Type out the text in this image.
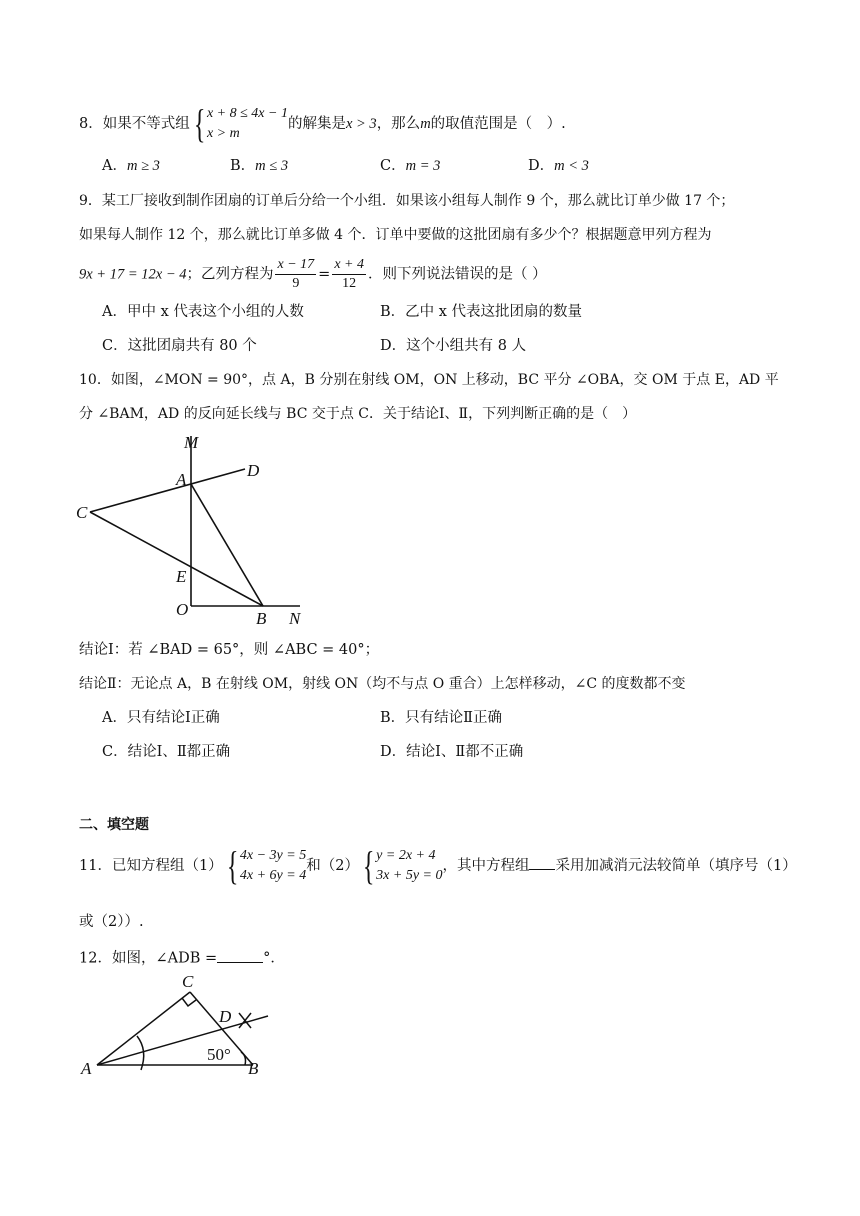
8．如果不等式组 { x + 8 ≤ 4x − 1
x > m
的解集是x > 3，那么m的取值范围是（　）.
A．m ≥ 3	B．m ≤ 3	C．m = 3	D．m < 3
9．某工厂接收到制作团扇的订单后分给一个小组．如果该小组每人制作 9 个，那么就比订单少做 17 个；
如果每人制作 12 个，那么就比订单多做 4 个．订单中要做的这批团扇有多少个？根据题意甲列方程为
9x + 17 = 12x − 4；乙列方程为 $\frac{x - 17}{9} = \frac{x + 4}{12}$ ．则下列说法错误的是（ ）
A．甲中 x 代表这个小组的人数	B．乙中 x 代表这批团扇的数量
C．这批团扇共有 80 个	D．这个小组共有 8 人
10．如图，∠MON = 90°，点 A，B 分别在射线 OM，ON 上移动，BC 平分 ∠OBA，交 OM 于点 E，AD 平
分 ∠BAM，AD 的反向延长线与 BC 交于点 C．关于结论Ⅰ、Ⅱ，下列判断正确的是（　）
M
D
A
C
E
O	B N
结论Ⅰ：若 ∠BAD = 65°，则 ∠ABC = 40°；
结论Ⅱ：无论点 A，B 在射线 OM，射线 ON（均不与点 O 重合）上怎样移动，∠C 的度数都不变
A．只有结论Ⅰ正确	B．只有结论Ⅱ正确
C．结论Ⅰ、Ⅱ都正确	D．结论Ⅰ、Ⅱ都不正确
二、填空题
11．已知方程组（1） { 4x − 3y = 5
4x + 6y = 4
和（2） { y = 2x + 4
3x + 5y = 0
，其中方程组 采用加减消元法较简单（填序号（1）
或（2））.
12．如图，∠ADB =	°．
C
D
A	B
50°
